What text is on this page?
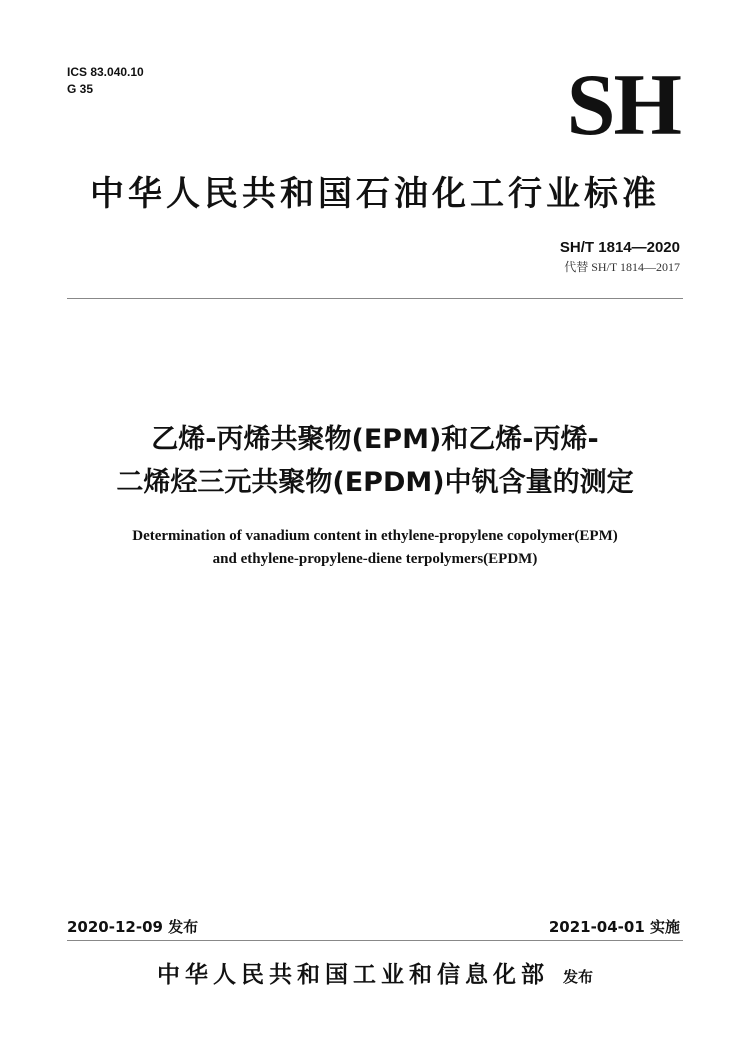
ICS 83.040.10
G 35	SH
中华人民共和国石油化工行业标准
SH/T 1814—2020
代替 SH/T 1814—2017
乙烯-丙烯共聚物(EPM)和乙烯-丙烯-
二烯烃三元共聚物(EPDM)中钒含量的测定
Determination of vanadium content in ethylene-propylene copolymer(EPM)
and ethylene-propylene-diene terpolymers(EPDM)
2020-12-09 发布	2021-04-01 实施
中华人民共和国工业和信息化部 发布
